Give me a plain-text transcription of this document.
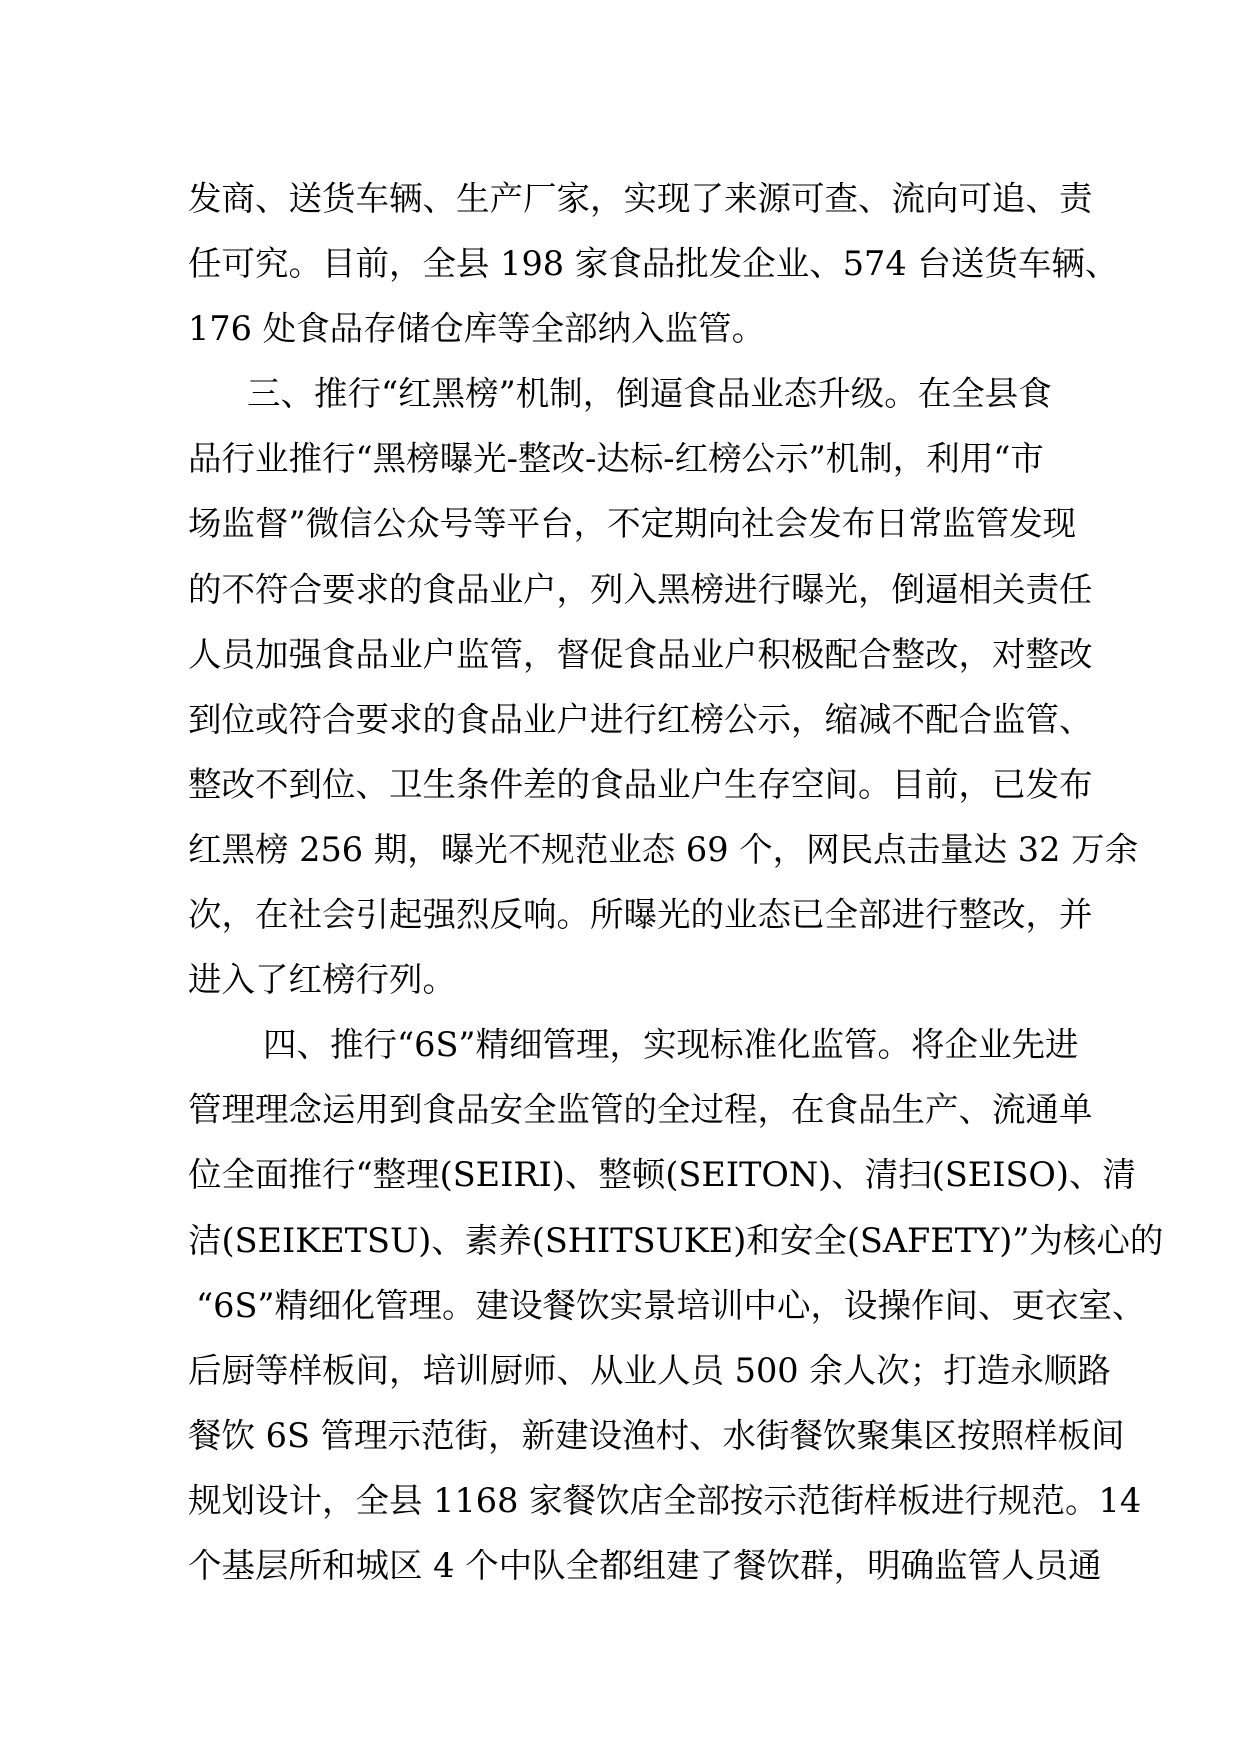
发商、送货车辆、生产厂家，实现了来源可查、流向可追、责
任可究。目前，全县 198 家食品批发企业、574 台送货车辆、
176 处食品存储仓库等全部纳入监管。
三、推行“红黑榜”机制，倒逼食品业态升级。在全县食
品行业推行“黑榜曝光-整改-达标-红榜公示”机制，利用“市
场监督”微信公众号等平台，不定期向社会发布日常监管发现
的不符合要求的食品业户，列入黑榜进行曝光，倒逼相关责任
人员加强食品业户监管，督促食品业户积极配合整改，对整改
到位或符合要求的食品业户进行红榜公示，缩减不配合监管、
整改不到位、卫生条件差的食品业户生存空间。目前，已发布
红黑榜 256 期，曝光不规范业态 69 个，网民点击量达 32 万余
次，在社会引起强烈反响。所曝光的业态已全部进行整改，并
进入了红榜行列。
四、推行“6S”精细管理，实现标准化监管。将企业先进
管理理念运用到食品安全监管的全过程，在食品生产、流通单
位全面推行“整理(SEIRI)、整顿(SEITON)、清扫(SEISO)、清
洁(SEIKETSU)、素养(SHITSUKE)和安全(SAFETY)”为核心的
“6S”精细化管理。建设餐饮实景培训中心，设操作间、更衣室、
后厨等样板间，培训厨师、从业人员 500 余人次；打造永顺路
餐饮 6S 管理示范街，新建设渔村、水街餐饮聚集区按照样板间
规划设计，全县 1168 家餐饮店全部按示范街样板进行规范。14
个基层所和城区 4 个中队全都组建了餐饮群，明确监管人员通
